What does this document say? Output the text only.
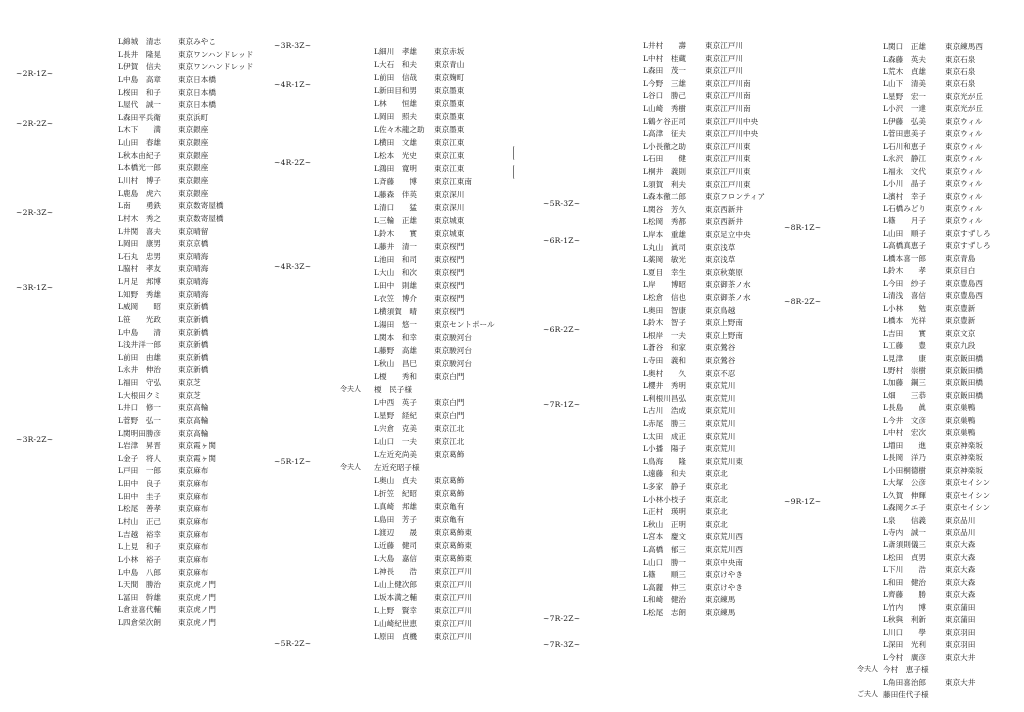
L綿城　清志 東京みやこ
L長井　隆晃 東京ワンハンドレッド
L伊賀　信夫 東京ワンハンドレッド
L中島　高章 東京日本橋
L桜田　和子 東京日本橋
L屋代　誠一 東京日本橋
L森田平兵衛 東京浜町
L木下　　満 東京銀座
L山田　春雄 東京銀座
L秋本由紀子 東京銀座
L本橋光一郎 東京銀座
L川村　博子 東京銀座
L鹿島　虎六 東京銀座
L南　　勇鉄 東京数寄屋橋
L村木　秀之 東京数寄屋橋
L井関　喜夫 東京晴留
L岡田　康男 東京京橋
L石丸　忠男 東京晴海
L脇村　孝友 東京晴海
L月足　邦博 東京晴海
L知野　秀雄 東京晴海
L威岡　　昭 東京新橋
L笹　　光政 東京新橋
L中島　　清 東京新橋
L浅井洋一郎 東京新橋
L前田　由雄 東京新橋
L永井　伸治 東京新橋
L福田　守弘 東京芝
L大根田クミ 東京芝
L井口　修一 東京高輪
L菅野　弘一 東京高輪
L関明田勝彦 東京高輪
L岩津　昇晋 東京霞ヶ関
L金子　将人 東京霞ヶ関
L戸田　一郎 東京麻布
L田中　良子 東京麻布
L田中　圭子 東京麻布
L松尾　善孝 東京麻布
L村山　正己 東京麻布
L吉越　裕幸 東京麻布
L上見　和子 東京麻布
L小林　裕子 東京麻布
L中島　八郎 東京麻布
L天間　勝治 東京虎ノ門
L冨田　幹雄 東京虎ノ門
L倉並喜代輔 東京虎ノ門
L四倉栄次朗 東京虎ノ門
~2R-1Z~
~2R-2Z~
~2R-3Z~
~3R-1Z~
~3R-2Z~
L細川　孝雄 東京赤坂
L大石　和夫 東京青山
L前田　信哉 東京麹町
L新田目和男 東京墨東
L林　　恒雄 東京墨東
L岡田　照夫 東京墨東
L佐々木龍之助 東京墨東
L横田　文雄 東京江東
L松本　光史 東京江東
L鴻田　寛明 東京江東
L斉藤　　博 東京江東南
L藤森　伴英 東京深川
L清口　　猛 東京深川
L三輪　正雄 東京城東
L鈴木　　實 東京城東
L藤井　清一 東京桜門
L池田　和司 東京桜門
L大山　和次 東京桜門
L田中　則雄 東京桜門
L衣笠　博介 東京桜門
L横須賀　晴 東京桜門
L湯田　悠一 東京セントポール
L関本　和幸 東京駿河台
L藤野　高雄 東京駿河台
L秋山　昌巳 東京駿河台
L榎　　秀和 東京白門
令夫人 榎　民子様
L中西　英子 東京白門
L星野　経紀 東京白門
L宍倉　克美 東京江北
L山口　一夫 東京江北
L左近充尚美 東京葛飾
令夫人 左近充昭子様
L奥山　貞夫 東京葛飾
L折笠　紀昭 東京葛飾
L真崎　邦雄 東京亀有
L島田　芳子 東京亀有
L渡辺　　晟 東京葛飾東
L近藤　健司 東京葛飾東
L大島　嘉信 東京葛飾東
L神長　　浩 東京江戸川
L山上健次郎 東京江戸川
L坂本満之輔 東京江戸川
L上野　賢幸 東京江戸川
L山崎紀世恵 東京江戸川
L原田　貞機 東京江戸川
~3R-3Z~
~4R-1Z~
~4R-2Z~
~4R-3Z~
~5R-1Z~
~5R-2Z~
L井村　　壽 東京江戸川
L中村　桂蔵 東京江戸川
L森田　茂一 東京江戸川
L今野　三雄 東京江戸川南
L谷口　勝己 東京江戸川南
L山崎　秀樹 東京江戸川南
L鶴ケ谷正司 東京江戸川中央
L高津　征夫 東京江戸川中央
L小長徹之助 東京江戸川東
L石田　　健 東京江戸川東
L桐井　義則 東京江戸川東
L須賀　利夫 東京江戸川東
L森本徹二郎 東京フロンティア
L関谷　芳久 東京西新井
L松岡　秀都 東京西新井
L岸本　重雄 東京足立中央
L丸山　眞司 東京浅草
L薬岡　敏光 東京浅草
L夏目　幸生 東京秋葉原
L岸　　博昭 東京御茶ノ水
L松倉　信也 東京御茶ノ水
L奥田　智康 東京鳥越
L鈴木　智子 東京上野南
L根岸　一夫 東京上野南
L蒼谷　和家 東京鶯谷
L寺田　義和 東京鶯谷
L奥村　　久 東京不忍
L櫻井　秀明 東京荒川
L利根川昌弘 東京荒川
L古川　浩成 東京荒川
L赤尾　勝三 東京荒川
L太田　成正 東京荒川
L小播　陽子 東京荒川
L鳥海　　隆 東京荒川東
L遠藤　和夫 東京北
L多家　静子 東京北
L小林小枝子 東京北
L正村　瑛明 東京北
L秋山　正明 東京北
L宮本　慶文 東京荒川西
L高橋　郁三 東京荒川西
L山口　勝一 東京中央南
L篠　　順三 東京けやき
L高麗　伸三 東京けやき
L和崎　健治 東京練馬
L松尾　志朗 東京練馬
~5R-3Z~
~6R-1Z~
~6R-2Z~
~7R-1Z~
~7R-2Z~
~7R-3Z~
L関口　正雄 東京練馬西
L森藤　英夫 東京石泉
L荒木　貞雄 東京石泉
L山下　清美 東京石泉
L星野　宏一 東京光が丘
L小沢　一達 東京光が丘
L伊藤　弘美 東京ウィル
L菅田恵美子 東京ウィル
L石川和恵子 東京ウィル
L永沢　静江 東京ウィル
L福永　文代 東京ウィル
L小川　晶子 東京ウィル
L濱村　幸子 東京ウィル
L石橋みどり 東京ウィル
L篠　　月子 東京ウィル
L山田　順子 東京すずしろ
L高橋真恵子 東京すずしろ
L橋本喜一郎 東京青島
L鈴木　　孝 東京目白
L今田　紗子 東京豊島西
L清浅　喜信 東京豊島西
L小林　　勉 東京豊新
L橋本　光祥 東京豊新
L吉田　　實 東京文京
L工藤　　豊 東京九段
L見津　　康 東京飯田橋
L野村　崇樹 東京飯田橋
L加藤　鋼三 東京飯田橋
L畑　　三恭 東京飯田橋
L長島　　眞 東京巣鴨
L今井　文彦 東京巣鴨
L中村　宏次 東京巣鴨
L増田　　進 東京神楽坂
L長岡　洋乃 東京神楽坂
L小田桐德樹 東京神楽坂
L大塚　公彦 東京セイシン
L久賀　伸輝 東京セイシン
L森岡クエ子	東京セイシン
L泉　　信義 東京品川
L寺内　誠一 東京品川
L斎須則儀三 東京大森
L松田　貞男 東京大森
L下川　　浩 東京大森
L和田　健治 東京大森
L齊藤　　勝 東京大森
L竹内　　博 東京蒲田
L秋與　利新 東京蒲田
L川口　　學 東京羽田
L深田　光利 東京羽田
L今村　廣彦 東京大井
令夫人 今村　恵子様
L角田喜治郎 東京大井
ご夫人 藤田佳代子様
~8R-1Z~
~8R-2Z~
~9R-1Z~
